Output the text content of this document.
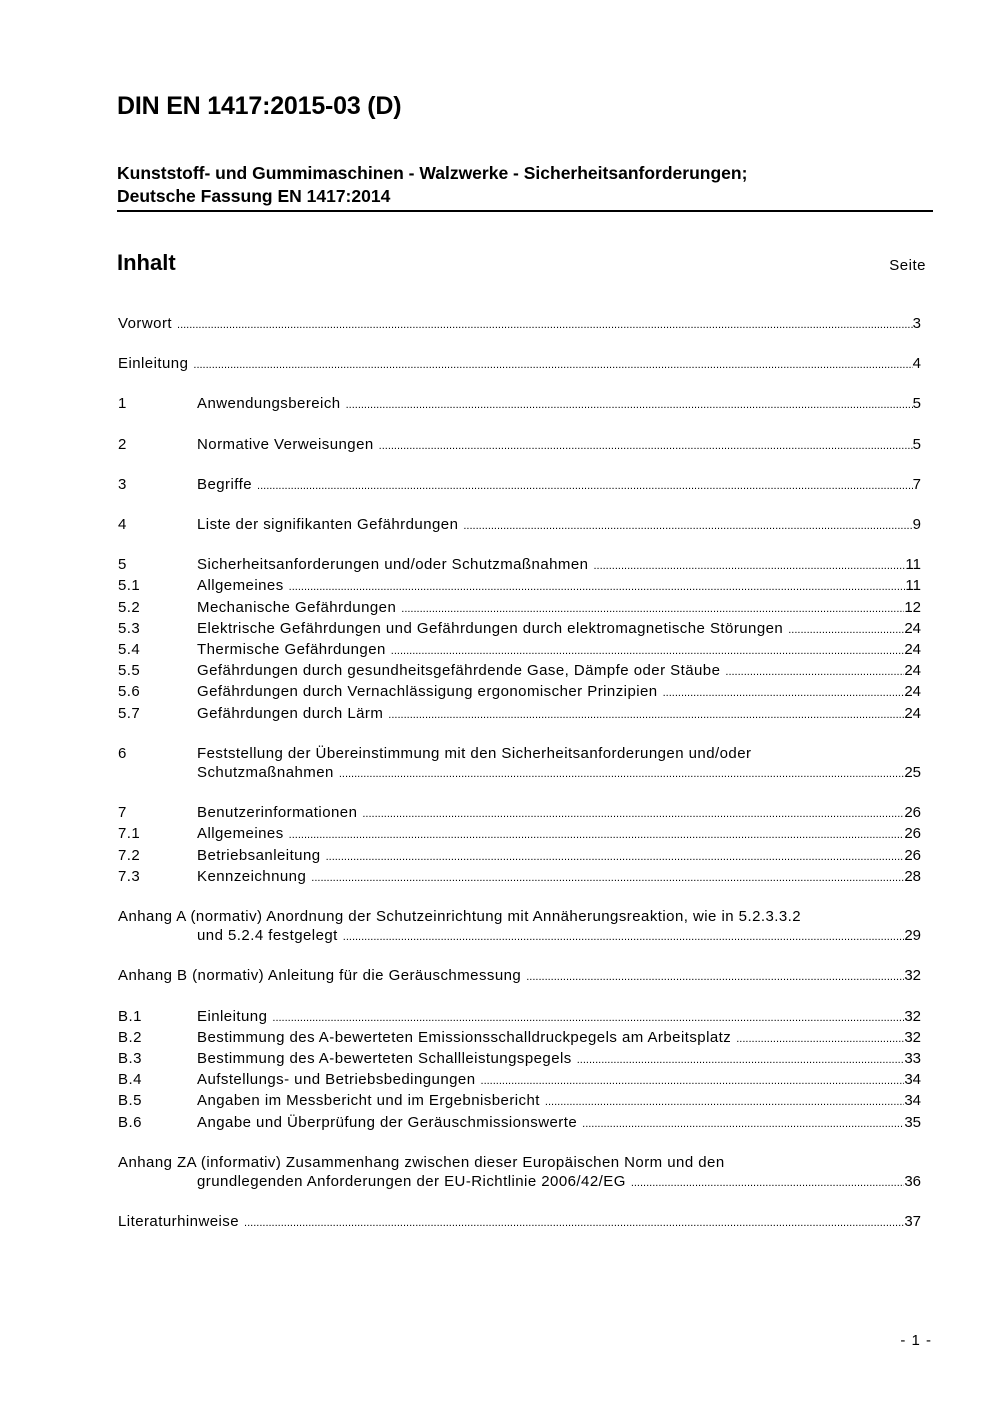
DIN EN 1417:2015-03 (D)
Kunststoff- und Gummimaschinen - Walzwerke - Sicherheitsanforderungen;
Deutsche Fassung EN 1417:2014
Inhalt	Seite
Vorwort .....	3
Einleitung .....	4
1	Anwendungsbereich .....	5
2	Normative Verweisungen .....	5
3	Begriffe .....	7
4	Liste der signifikanten Gefährdungen .....	9
5	Sicherheitsanforderungen und/oder Schutzmaßnahmen .....	11
5.1	Allgemeines .....	11
5.2	Mechanische Gefährdungen .....	12
5.3	Elektrische Gefährdungen und Gefährdungen durch elektromagnetische Störungen .....	24
5.4	Thermische Gefährdungen .....	24
5.5	Gefährdungen durch gesundheitsgefährdende Gase, Dämpfe oder Stäube .....	24
5.6	Gefährdungen durch Vernachlässigung ergonomischer Prinzipien .....	24
5.7	Gefährdungen durch Lärm .....	24
6	Feststellung der Übereinstimmung mit den Sicherheitsanforderungen und/oder
Schutzmaßnahmen .....	25
7	Benutzerinformationen .....	26
7.1	Allgemeines .....	26
7.2	Betriebsanleitung .....	26
7.3	Kennzeichnung .....	28
Anhang A (normativ) Anordnung der Schutzeinrichtung mit Annäherungsreaktion, wie in 5.2.3.3.2
und 5.2.4 festgelegt .....	29
Anhang B (normativ) Anleitung für die Geräuschmessung .....	32
B.1	Einleitung .....	32
B.2	Bestimmung des A-bewerteten Emissionsschalldruckpegels am Arbeitsplatz .....	32
B.3	Bestimmung des A-bewerteten Schallleistungspegels .....	33
B.4	Aufstellungs- und Betriebsbedingungen .....	34
B.5	Angaben im Messbericht und im Ergebnisbericht .....	34
B.6	Angabe und Überprüfung der Geräuschmissionswerte .....	35
Anhang ZA (informativ) Zusammenhang zwischen dieser Europäischen Norm und den
grundlegenden Anforderungen der EU-Richtlinie 2006/42/EG .....	36
Literaturhinweise .....	37
- 1 -
